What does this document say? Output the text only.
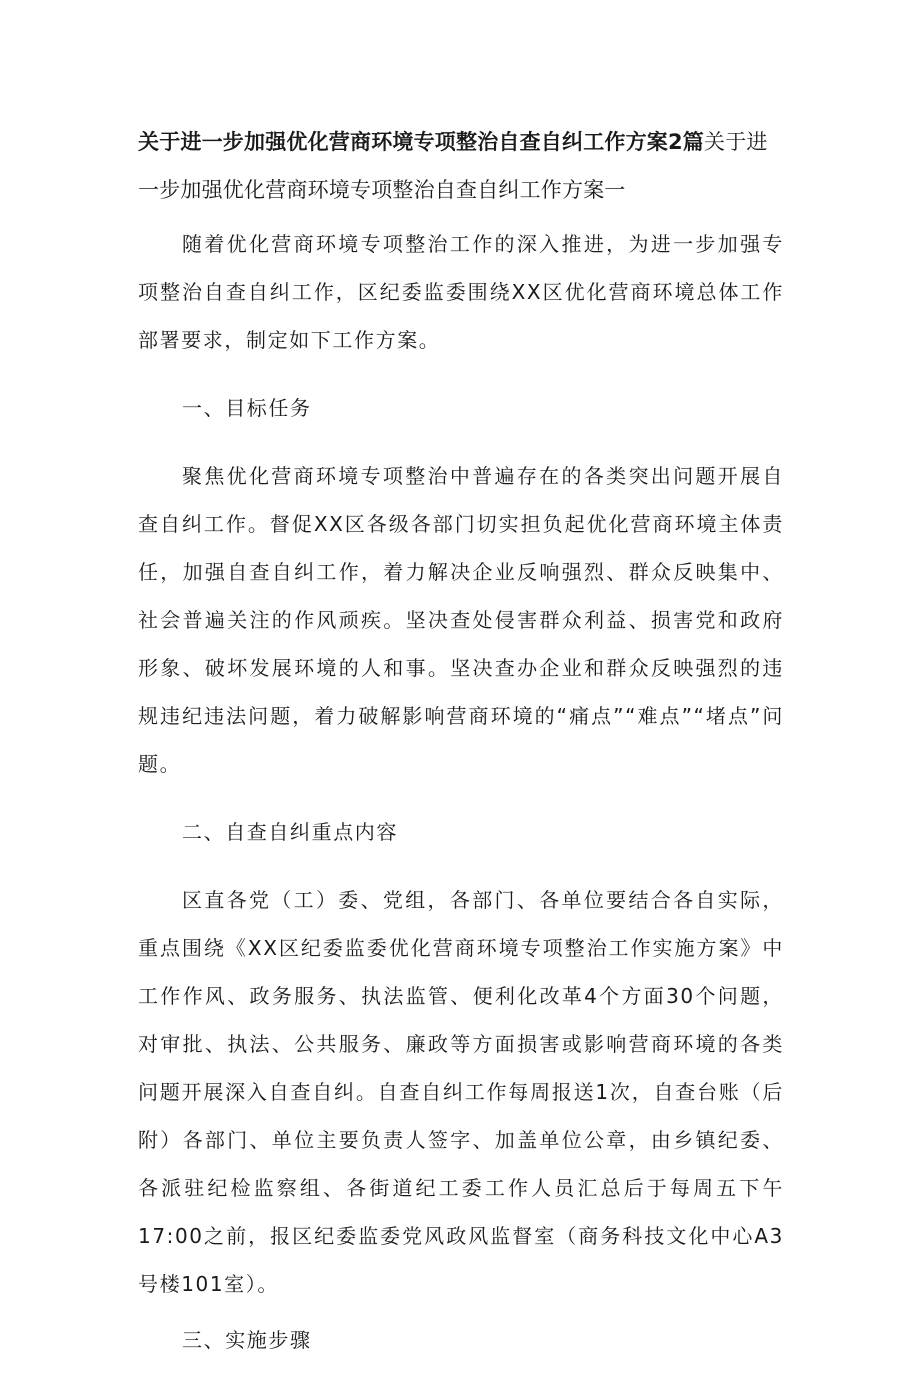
关于进一步加强优化营商环境专项整治自查自纠工作方案2篇关于进一步加强优化营商环境专项整治自查自纠工作方案一

随着优化营商环境专项整治工作的深入推进，为进一步加强专项整治自查自纠工作，区纪委监委围绕XX区优化营商环境总体工作部署要求，制定如下工作方案。

一、目标任务

聚焦优化营商环境专项整治中普遍存在的各类突出问题开展自查自纠工作。督促XX区各级各部门切实担负起优化营商环境主体责任，加强自查自纠工作，着力解决企业反响强烈、群众反映集中、社会普遍关注的作风顽疾。坚决查处侵害群众利益、损害党和政府形象、破坏发展环境的人和事。坚决查办企业和群众反映强烈的违规违纪违法问题，着力破解影响营商环境的“痛点”“难点”“堵点”问题。

二、自查自纠重点内容

区直各党（工）委、党组，各部门、各单位要结合各自实际，重点围绕《XX区纪委监委优化营商环境专项整治工作实施方案》中工作作风、政务服务、执法监管、便利化改革4个方面30个问题，对审批、执法、公共服务、廉政等方面损害或影响营商环境的各类问题开展深入自查自纠。自查自纠工作每周报送1次，自查台账（后附）各部门、单位主要负责人签字、加盖单位公章，由乡镇纪委、各派驻纪检监察组、各街道纪工委工作人员汇总后于每周五下午17:00之前，报区纪委监委党风政风监督室（商务科技文化中心A3号楼101室）。

三、实施步骤
